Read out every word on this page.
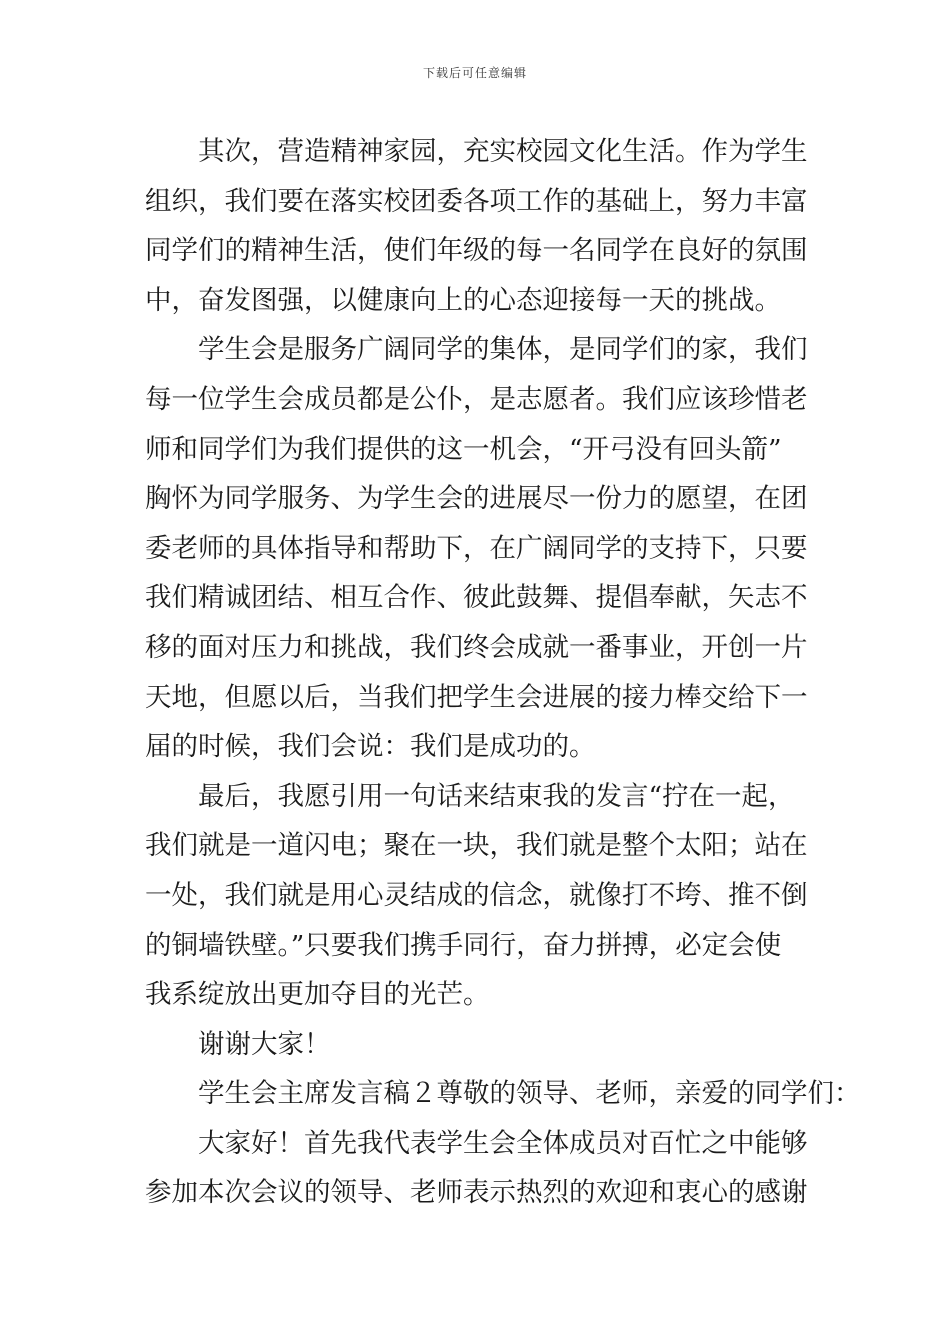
下载后可任意编辑
其次，营造精神家园，充实校园文化生活。作为学生
组织，我们要在落实校团委各项工作的基础上，努力丰富
同学们的精神生活，使们年级的每一名同学在良好的氛围
中，奋发图强，以健康向上的心态迎接每一天的挑战。
学生会是服务广阔同学的集体，是同学们的家，我们
每一位学生会成员都是公仆，是志愿者。我们应该珍惜老
师和同学们为我们提供的这一机会，“开弓没有回头箭”
胸怀为同学服务、为学生会的进展尽一份力的愿望，在团
委老师的具体指导和帮助下，在广阔同学的支持下，只要
我们精诚团结、相互合作、彼此鼓舞、提倡奉献，矢志不
移的面对压力和挑战，我们终会成就一番事业，开创一片
天地，但愿以后，当我们把学生会进展的接力棒交给下一
届的时候，我们会说：我们是成功的。
最后，我愿引用一句话来结束我的发言“拧在一起，
我们就是一道闪电；聚在一块，我们就是整个太阳；站在
一处，我们就是用心灵结成的信念，就像打不垮、推不倒
的铜墙铁壁。”只要我们携手同行，奋力拼搏，必定会使
我系绽放出更加夺目的光芒。
谢谢大家！
学生会主席发言稿２尊敬的领导、老师，亲爱的同学们：
大家好！首先我代表学生会全体成员对百忙之中能够
参加本次会议的领导、老师表示热烈的欢迎和衷心的感谢
